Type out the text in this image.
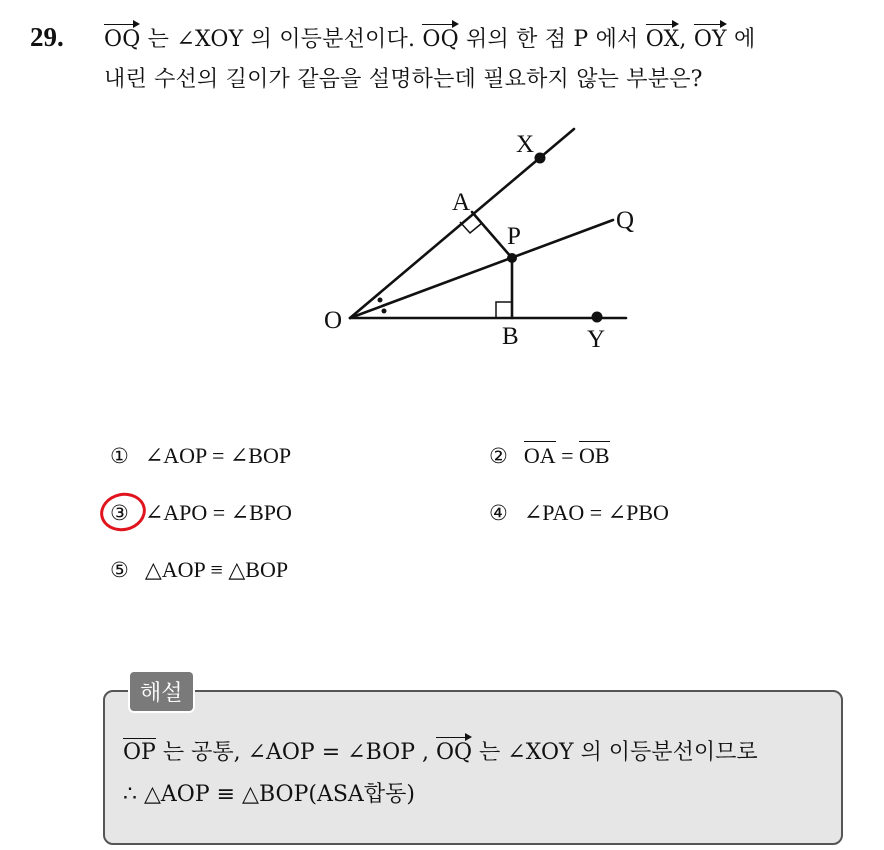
29. OQ 는 ∠XOY 의 이등분선이다. OQ 위의 한 점 P 에서 OX, OY 에
내린 수선의 길이가 같음을 설명하는데 필요하지 않는 부분은?
O
X
A
P
Q
B	Y
① ∠AOP = ∠BOP	② OA = OB
③ ∠APO = ∠BPO	④ ∠PAO = ∠PBO
⑤ △AOP ≡ △BOP
해설
OP 는 공통, ∠AOP = ∠BOP , OQ 는 ∠XOY 의 이등분선이므로
∴ △AOP ≡ △BOP(ASA합동)
